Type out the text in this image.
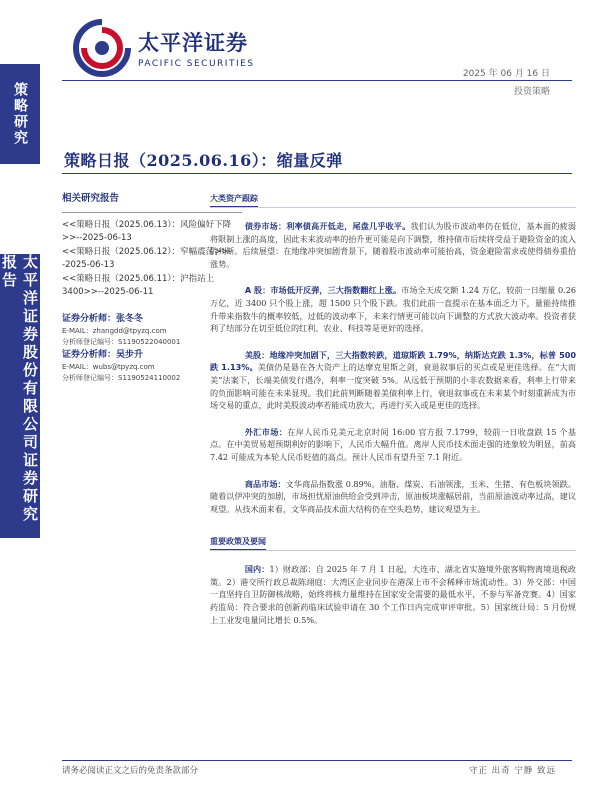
策略研究
太平洋证券股份有限公司证券研究报告
太平洋证券
PACIFIC SECURITIES
2025 年 06 月 16 日
投资策略
策略日报（2025.06.16）：缩量反弹
相关研究报告
<<策略日报（2025.06.13）：风险偏好下降>>--2025-06-13
<<策略日报（2025.06.12）：窄幅震荡>>--2025-06-13
<<策略日报（2025.06.11）：沪指站上3400>>--2025-06-11
证券分析师：张冬冬
E-MAIL：zhangdd@tpyzq.com
分析师登记编号：S1190522040001
证券分析师：吴步升
E-MAIL：wubs@tpyzq.com
分析师登记编号：S1190524110002
大类资产跟踪

债券市场：利率债高开低走，尾盘几乎收平。我们认为股市波动率仍在低位，基本面的疲弱将限制上涨的高度，因此未来波动率的抬升更可能是向下调整，维持债市后续将受益于避险资金的流入的判断。后续展望：在地缘冲突加剧背景下，随着股市波动率可能抬高，资金避险需求或使得债券重拾涨势。

A 股：市场低开反弹，三大指数翻红上涨。市场全天成交额 1.24 万亿，较前一日缩量 0.26 万亿，近 3400 只个股上涨，超 1500 只个股下跌。我们此前一直提示在基本面乏力下，量能持续推升带来指数牛的概率较低，过低的波动率下，未来行情更可能以向下调整的方式放大波动率。投资者获利了结部分在切至低位的红利、农业、科技等是更好的选择。

美股：地缘冲突加剧下，三大指数转跌，道琼斯跌 1.79%，纳斯达克跌 1.3%，标普 500 跌 1.13%。美债仍是悬在各大资产上的达摩克里斯之剑，衰退叙事后的买点或是更佳选择。在“大而美”法案下，长端美债发行遇冷，利率一度突破 5%。从远低于预期的小非农数据来看，利率上行带来的负面影响可能在未来显现。我们此前判断随着美债利率上行，衰退叙事或在未来某个时刻重新成为市场交易的重点，此时美股波动率若能成功放大，再进行买入或是更佳的选择。

外汇市场：在岸人民币兑美元北京时间 16:00 官方报 7.1799，较前一日收盘跌 15 个基点。在中美贸易超预期利好的影响下，人民币大幅升值。离岸人民币技术面走强的迹象较为明显，前高 7.42 可能成为本轮人民币贬值的高点。预计人民币有望升至 7.1 附近。

商品市场：文华商品指数涨 0.89%。油脂、煤炭、石油领涨，玉米、生猪、有色板块领跌。随着以伊冲突的加剧，市场担忧原油供给会受到冲击，原油板块涨幅居前，当前原油波动率过高，建议观望。从技术面来看，文华商品技术面大结构仍在空头趋势，建议观望为主。

重要政策及要闻

国内：1）财政部：自 2025 年 7 月 1 日起，大连市、湖北省实施境外旅客购物离境退税政策。2）港交所行政总裁陈翊庭：大湾区企业同步在港深上市不会稀释市场流动性。3）外交部：中国一直坚持自卫防御核战略，始终将核力量维持在国家安全需要的最低水平，不参与军备竞赛。4）国家药监局：符合要求的创新药临床试验申请在 30 个工作日内完成审评审批。5）国家统计局：5 月份规上工业发电量同比增长 0.5%。

请务必阅读正文之后的免责条款部分	守正 出奇 宁静 致远
